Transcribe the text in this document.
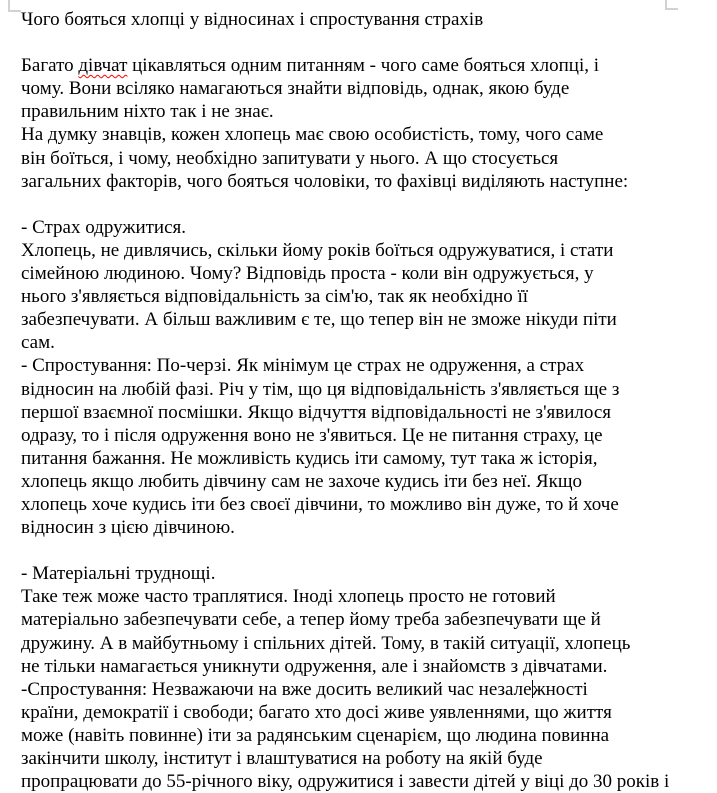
Чого бояться хлопці у відносинах і спростування страхів
Багато дівчат цікавляться одним питанням - чого саме бояться хлопці, і
чому. Вони всіляко намагаються знайти відповідь, однак, якою буде
правильним ніхто так і не знає.
На думку знавців, кожен хлопець має свою особистість, тому, чого саме
він боїться, і чому, необхідно запитувати у нього. А що стосується
загальних факторів, чого бояться чоловіки, то фахівці виділяють наступне:
- Страх одружитися.
Хлопець, не дивлячись, скільки йому років боїться одружуватися, і стати
сімейною людиною. Чому? Відповідь проста - коли він одружується, у
нього з'являється відповідальність за сім'ю, так як необхідно її
забезпечувати. А більш важливим є те, що тепер він не зможе нікуди піти
сам.
- Спростування: По-черзі. Як мінімум це страх не одруження, а страх
відносин на любій фазі. Річ у тім, що ця відповідальність з'являється ще з
першої взаємної посмішки. Якщо відчуття відповідальності не з'явилося
одразу, то і після одруження воно не з'явиться. Це не питання страху, це
питання бажання. Не можливість кудись іти самому, тут така ж історія,
хлопець якщо любить дівчину сам не захоче кудись іти без неї. Якщо
хлопець хоче кудись іти без своєї дівчини, то можливо він дуже, то й хоче
відносин з цією дівчиною.
- Матеріальні труднощі.
Таке теж може часто траплятися. Іноді хлопець просто не готовий
матеріально забезпечувати себе, а тепер йому треба забезпечувати ще й
дружину. А в майбутньому і спільних дітей. Тому, в такій ситуації, хлопець
не тільки намагається уникнути одруження, але і знайомств з дівчатами.
-Спростування: Незважаючи на вже досить великий час незалежності
країни, демократії і свободи; багато хто досі живе уявленнями, що життя
може (навіть повинне) іти за радянським сценарієм, що людина повинна
закінчити школу, інститут і влаштуватися на роботу на якій буде
пропрацювати до 55-річного віку, одружитися і завести дітей у віці до 30 років і
